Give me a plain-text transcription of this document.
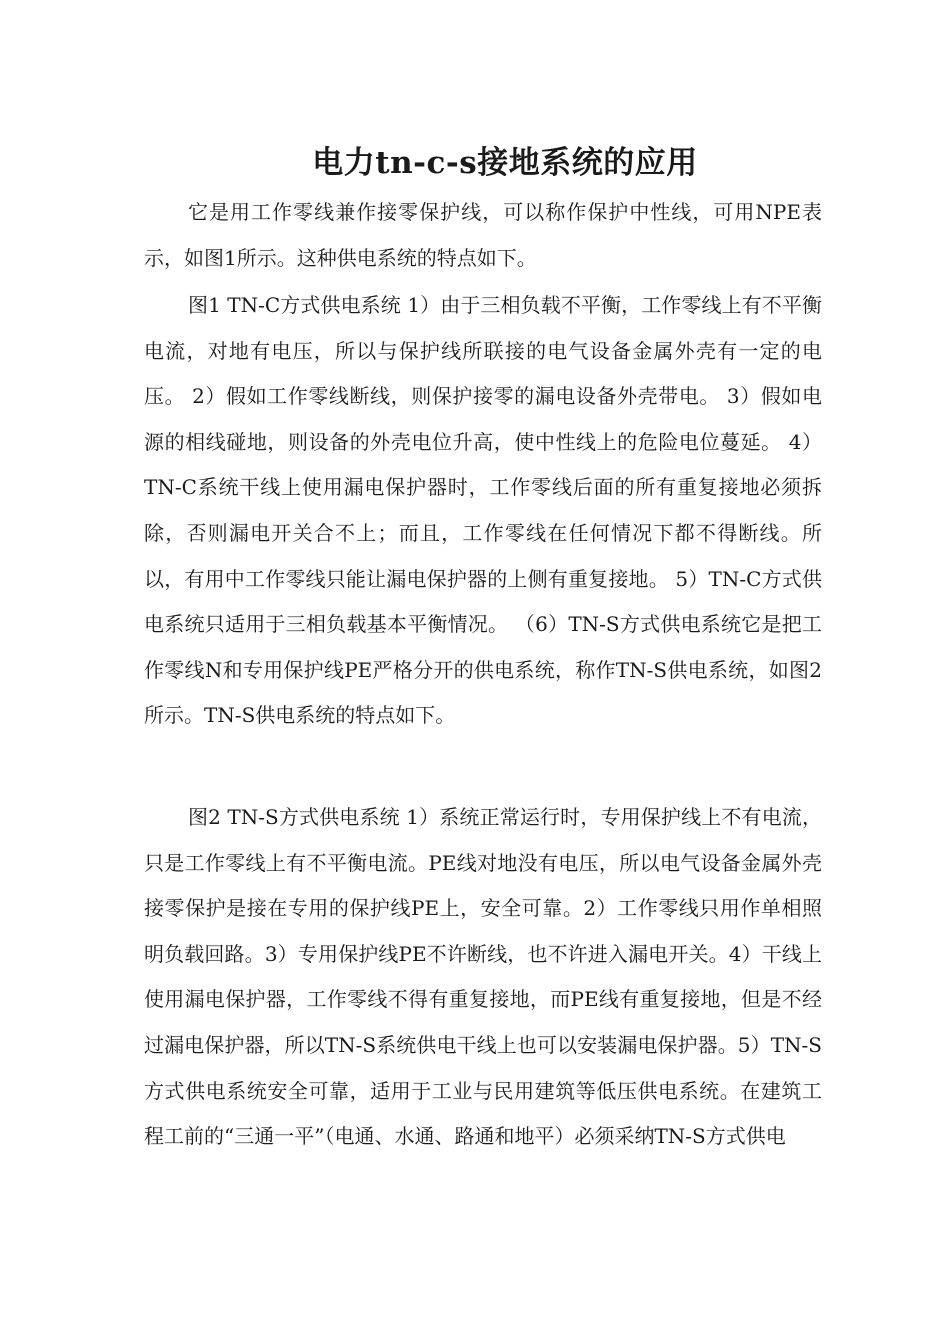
电力tn-c-s接地系统的应用

它是用工作零线兼作接零保护线，可以称作保护中性线，可用NPE表示，如图1所示。这种供电系统的特点如下。

图1 TN-C方式供电系统 1）由于三相负载不平衡，工作零线上有不平衡电流，对地有电压，所以与保护线所联接的电气设备金属外壳有一定的电压。 2）假如工作零线断线，则保护接零的漏电设备外壳带电。 3）假如电源的相线碰地，则设备的外壳电位升高，使中性线上的危险电位蔓延。 4）TN-C系统干线上使用漏电保护器时，工作零线后面的所有重复接地必须拆除，否则漏电开关合不上；而且，工作零线在任何情况下都不得断线。所以，有用中工作零线只能让漏电保护器的上侧有重复接地。 5）TN-C方式供电系统只适用于三相负载基本平衡情况。 （6）TN-S方式供电系统它是把工作零线N和专用保护线PE严格分开的供电系统，称作TN-S供电系统，如图2所示。TN-S供电系统的特点如下。

图2 TN-S方式供电系统 1）系统正常运行时，专用保护线上不有电流，只是工作零线上有不平衡电流。PE线对地没有电压，所以电气设备金属外壳接零保护是接在专用的保护线PE上，安全可靠。2）工作零线只用作单相照明负载回路。3）专用保护线PE不许断线，也不许进入漏电开关。4）干线上使用漏电保护器，工作零线不得有重复接地，而PE线有重复接地，但是不经过漏电保护器，所以TN-S系统供电干线上也可以安装漏电保护器。5）TN-S方式供电系统安全可靠，适用于工业与民用建筑等低压供电系统。在建筑工程工前的“三通一平”（电通、水通、路通和地平）必须采纳TN-S方式供电
